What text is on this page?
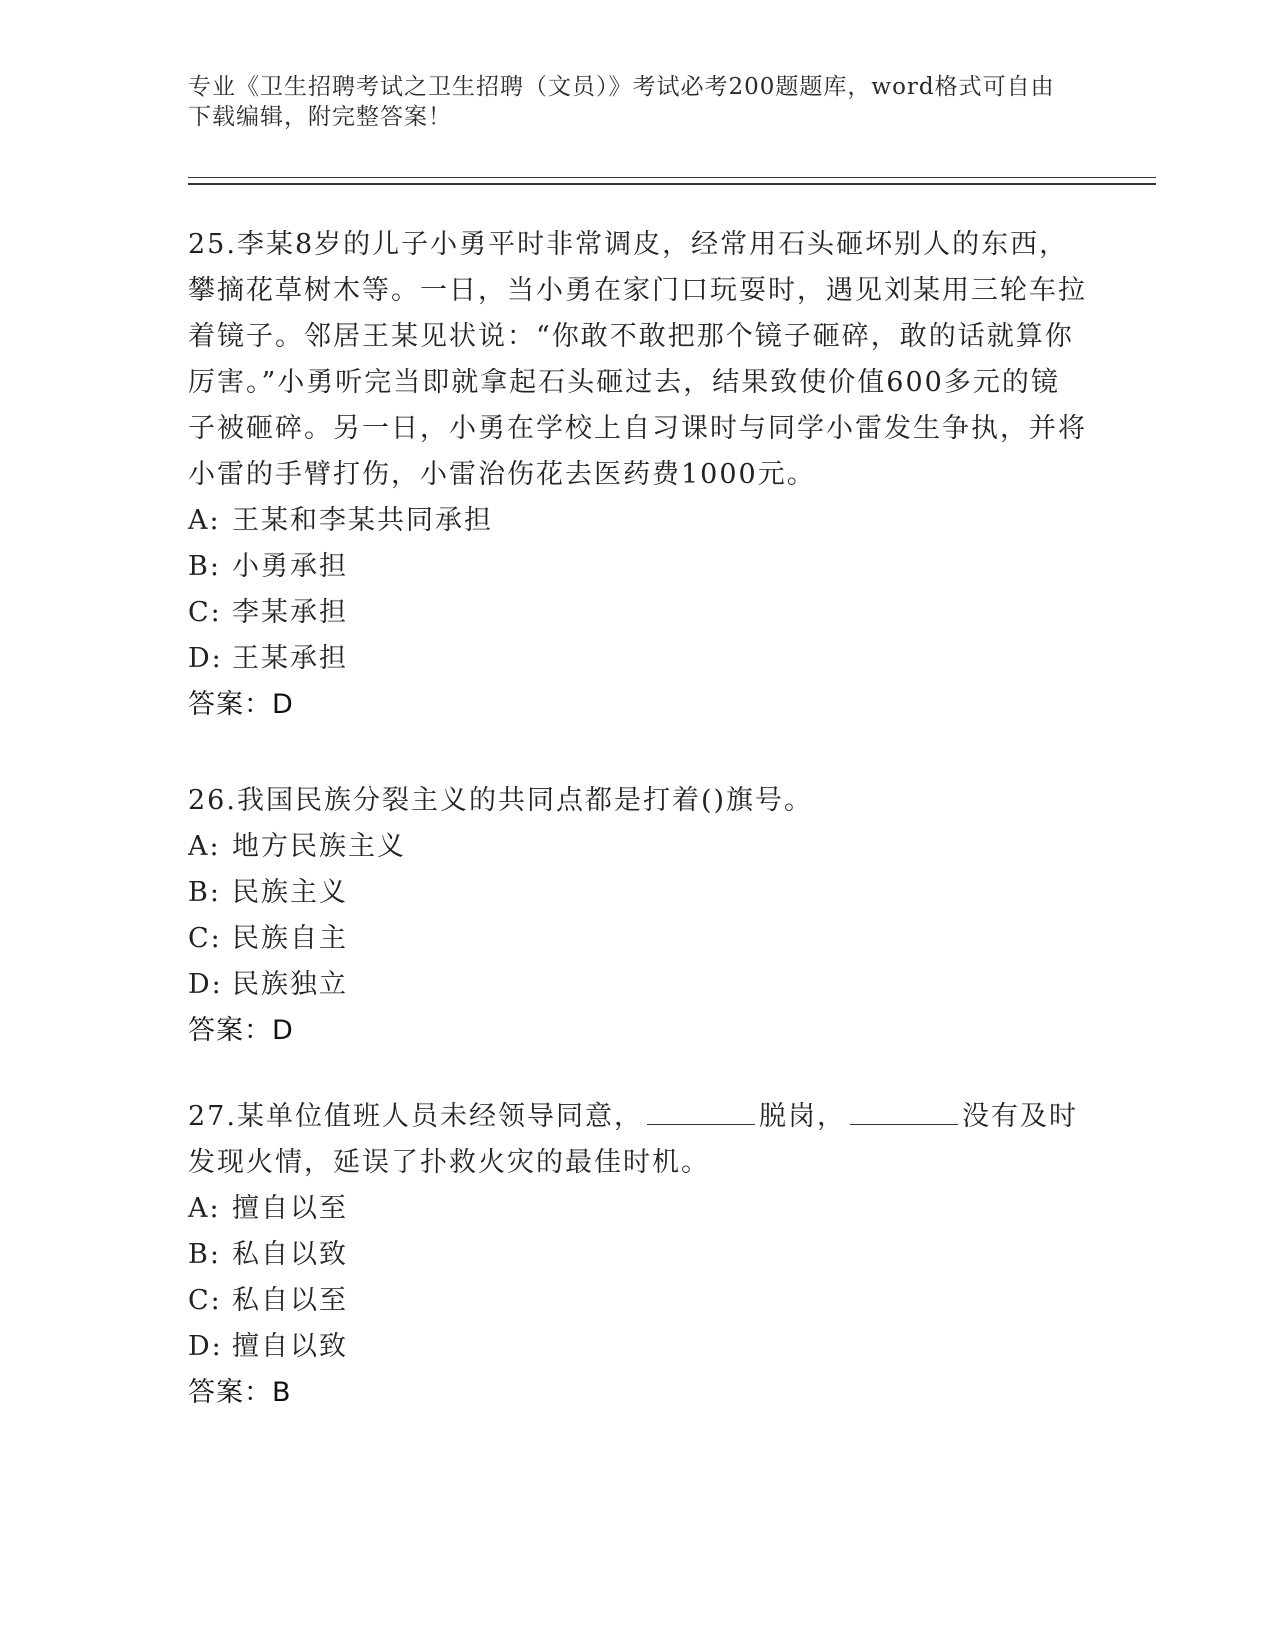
专业《卫生招聘考试之卫生招聘（文员）》考试必考200题题库，word格式可自由下载编辑，附完整答案！
25.李某8岁的儿子小勇平时非常调皮，经常用石头砸坏别人的东西，攀摘花草树木等。一日，当小勇在家门口玩耍时，遇见刘某用三轮车拉着镜子。邻居王某见状说：“你敢不敢把那个镜子砸碎，敢的话就算你厉害。”小勇听完当即就拿起石头砸过去，结果致使价值600多元的镜子被砸碎。另一日，小勇在学校上自习课时与同学小雷发生争执，并将小雷的手臂打伤，小雷治伤花去医药费1000元。
A: 王某和李某共同承担
B: 小勇承担
C: 李某承担
D: 王某承担
答案：D
26.我国民族分裂主义的共同点都是打着()旗号。
A: 地方民族主义
B: 民族主义
C: 民族自主
D: 民族独立
答案：D
27.某单位值班人员未经领导同意，	脱岗，	没有及时发现火情，延误了扑救火灾的最佳时机。
A: 擅自以至
B: 私自以致
C: 私自以至
D: 擅自以致
答案：B
